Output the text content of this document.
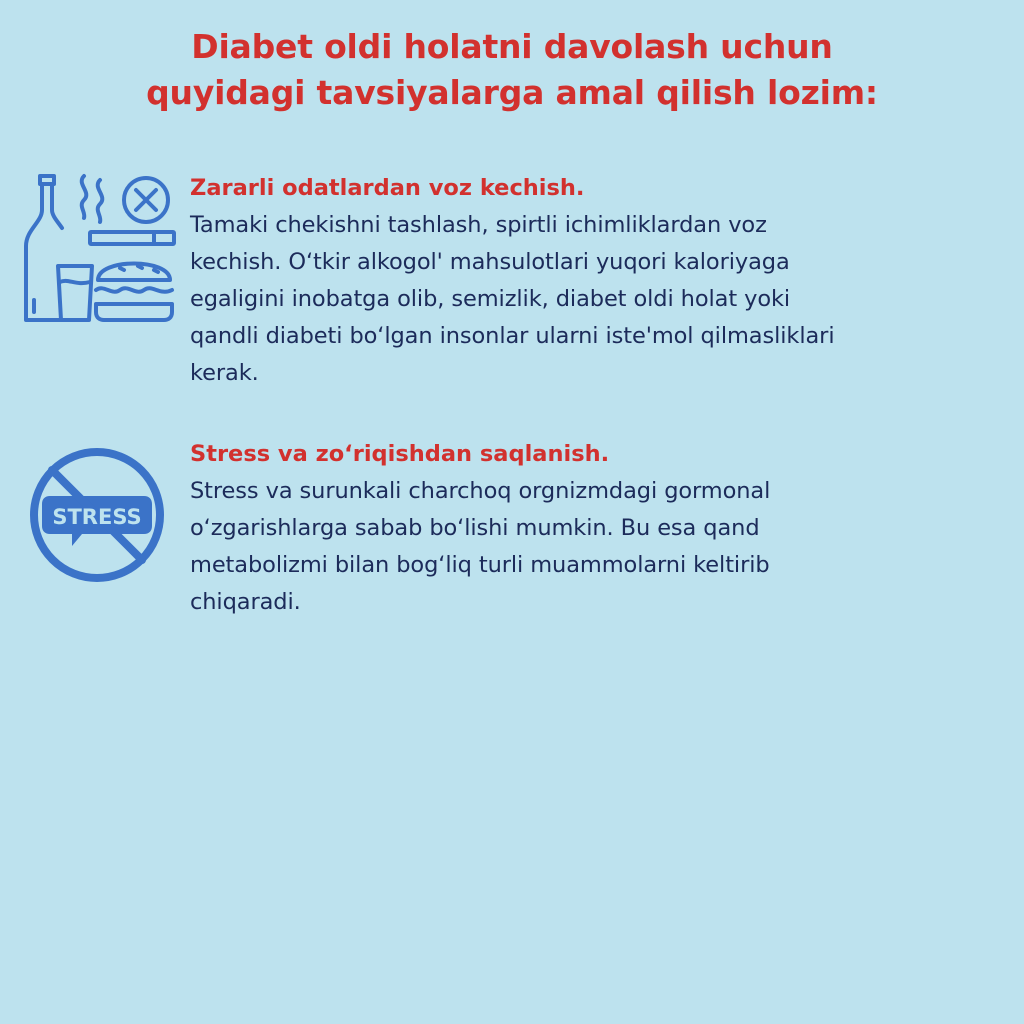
Diabet oldi holatni davolash uchun
quyidagi tavsiyalarga amal qilish lozim:
Zararli odatlardan voz kechish.
Tamaki chekishni tashlash, spirtli ichimliklardan voz
kechish. O‘tkir alkogol' mahsulotlari yuqori kaloriyaga
egaligini inobatga olib, semizlik, diabet oldi holat yoki
qandli diabeti bo‘lgan insonlar ularni iste'mol qilmasliklari
kerak.
STRESS
Stress va zo‘riqishdan saqlanish.
Stress va surunkali charchoq orgnizmdagi gormonal
o‘zgarishlarga sabab bo‘lishi mumkin. Bu esa qand
metabolizmi bilan bog‘liq turli muammolarni keltirib
chiqaradi.
